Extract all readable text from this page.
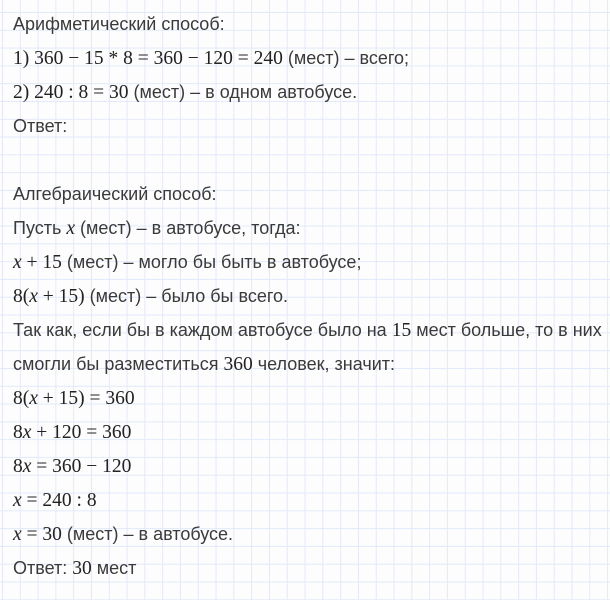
Арифметический способ:
1) 360 − 15 * 8 = 360 − 120 = 240 (мест) – всего;
2) 240 : 8 = 30 (мест) – в одном автобусе.
Ответ:
Алгебраический способ:
Пусть x (мест) – в автобусе, тогда:
x + 15 (мест) – могло бы быть в автобусе;
8(x + 15) (мест) – было бы всего.
Так как, если бы в каждом автобусе было на 15 мест больше, то в них
смогли бы разместиться 360 человек, значит:
8(x + 15) = 360
8x + 120 = 360
8x = 360 − 120
x = 240 : 8
x = 30 (мест) – в автобусе.
Ответ: 30 мест
